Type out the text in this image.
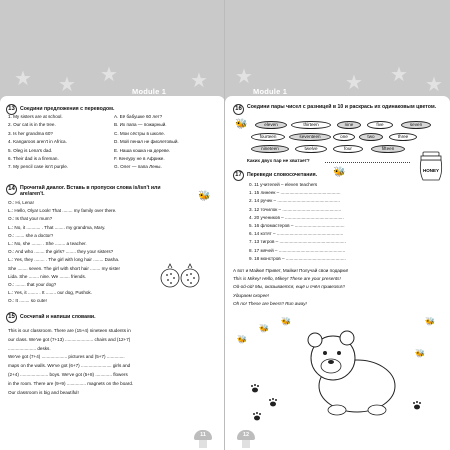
★ ★ ★	★
Module 1
13 Соедини предложения с переводом.
1. My sisters are at school.
2. Our cat is in the tree.
3. Is her grandma 60?
4. Kangaroos aren't in Africa.
5. Oleg is Lena's dad.
6. Their dad is a fireman.
7. My pencil case isn't purple.
A. Её бабушке 60 лет?
B. Их папа — пожарный.
C. Мои сёстры в школе.
D. Мой пенал не фиолетовый.
E. Наша кошка на дереве.
F. Кенгуру не в Африке.
G. Олег — папа Лены.
14 Прочитай диалог. Вставь в пропуски слова is/isn't или are/aren't.	🐝
O.: Hi, Lena!
L.: Hello, Olya! Look! That ........ my family over there.
O.: Is that your mum?
L.: No, it ........... . That ........ my grandma, Mary.
O.: ....... she a doctor?
L.: No, she ........ . She ........ a teacher.
O.: And who ........ the girls? ........ they your sisters?
L.: Yes, they ........ . The girl with long hair ........ Dasha.
She ........ seven. The girl with short hair ........ my sister
Lida. She ........ nine. We ........ friends.
O.: ........ that your dog?
L.: Yes, it ........ . It ........ our dog, Pushok.
O.: It ........ so cute!
15 Сосчитай и напиши словами.
This is our classroom. There are (15+4) nineteen students in
our class. We've got (7+13) ...................... chairs and (12+7)
...................... desks.
We've got (7+4) .................... pictures and (5+7) ..............
maps on the walls. We've got (6+7) ........................ girls and
(2+4) ...................... boys. We've got (5+8) ............. flowers
in the room. There are (9+9) ............... magnets on the board.
Our classroom is big and beautiful!
11
★	★ ★ ★
Module 1
16 Соедини пары чисел с разницей в 10 и раскрась их одинаковым цветом.
🐝	eleven	thirteen	nine	five	seven
fourteen	seventeen	one	two	three
nineteen	twelve	four	fifteen
HONEY
Каких двух пар не хватает?
17 Переведи словосочетания.	🐝
0. 11 учителей – eleven teachers
1. 15 линеек – ...............................................
2. 14 ручек – .................................................
3. 12 точилок – ..............................................
4. 20 учеников – ..............................................
5. 16 фломастеров – .......................................
6. 14 котят – ....................................................
7. 13 тигров – ....................................................
8. 17 мячей – ....................................................
9. 18 монстров – ...............................................
А вот и Майки! Привет, Майки! Получай свои подарки!
This is Mikey! Hello, Mikey! These are your presents!
Ой-ой-ой! Мы, оказывается, ещё и пчёл привезли!!!
Удираем скорее!
Oh no! These are bees!!! Run away!
🐝
🐝
🐝
🐝
🐝
12
